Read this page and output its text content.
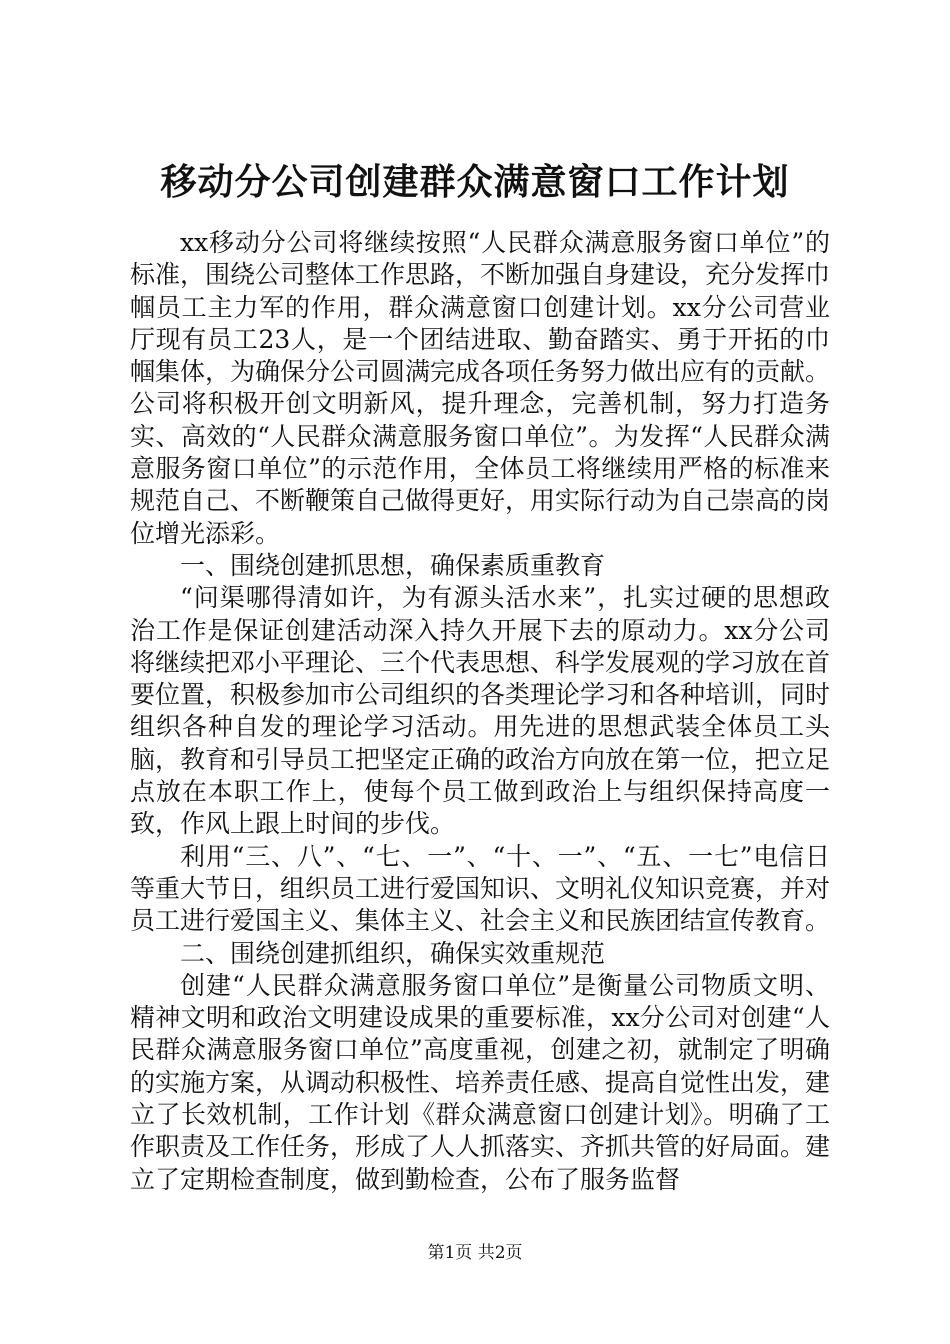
移动分公司创建群众满意窗口工作计划

xx移动分公司将继续按照“人民群众满意服务窗口单位”的标准，围绕公司整体工作思路，不断加强自身建设，充分发挥巾帼员工主力军的作用，群众满意窗口创建计划。xx分公司营业厅现有员工23人，是一个团结进取、勤奋踏实、勇于开拓的巾帼集体，为确保分公司圆满完成各项任务努力做出应有的贡献。公司将积极开创文明新风，提升理念，完善机制，努力打造务实、高效的“人民群众满意服务窗口单位”。为发挥“人民群众满意服务窗口单位”的示范作用，全体员工将继续用严格的标准来规范自己、不断鞭策自己做得更好，用实际行动为自己崇高的岗位增光添彩。

一、围绕创建抓思想，确保素质重教育

“问渠哪得清如许，为有源头活水来”，扎实过硬的思想政治工作是保证创建活动深入持久开展下去的原动力。xx分公司将继续把邓小平理论、三个代表思想、科学发展观的学习放在首要位置，积极参加市公司组织的各类理论学习和各种培训，同时组织各种自发的理论学习活动。用先进的思想武装全体员工头脑，教育和引导员工把坚定正确的政治方向放在第一位，把立足点放在本职工作上，使每个员工做到政治上与组织保持高度一致，作风上跟上时间的步伐。

利用“三、八”、“七、一”、“十、一”、“五、一七”电信日等重大节日，组织员工进行爱国知识、文明礼仪知识竞赛，并对员工进行爱国主义、集体主义、社会主义和民族团结宣传教育。

二、围绕创建抓组织，确保实效重规范

创建“人民群众满意服务窗口单位”是衡量公司物质文明、精神文明和政治文明建设成果的重要标准，xx分公司对创建“人民群众满意服务窗口单位”高度重视，创建之初，就制定了明确的实施方案，从调动积极性、培养责任感、提高自觉性出发，建立了长效机制，工作计划《群众满意窗口创建计划》。明确了工作职责及工作任务，形成了人人抓落实、齐抓共管的好局面。建立了定期检查制度，做到勤检查，公布了服务监督

第1页 共2页
